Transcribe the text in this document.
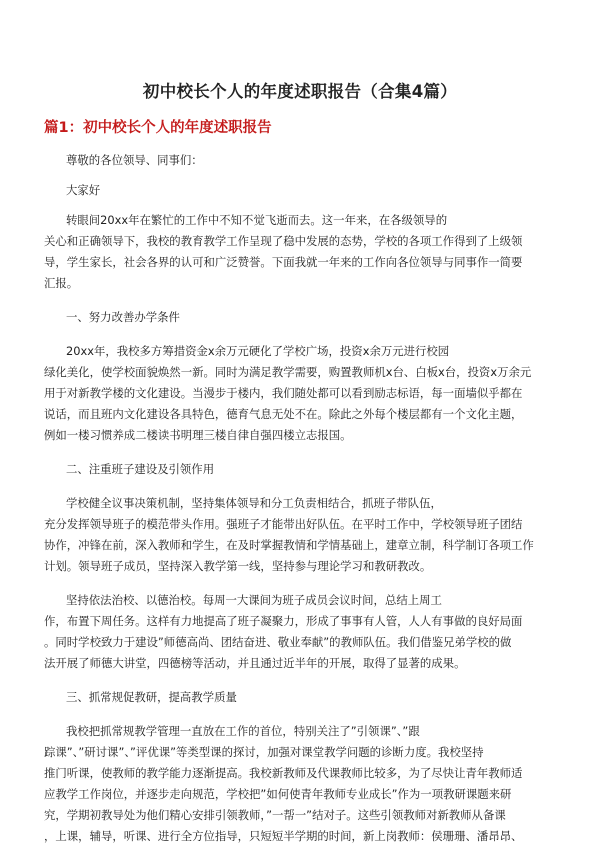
初中校长个人的年度述职报告（合集4篇）
篇1：初中校长个人的年度述职报告
尊敬的各位领导、同事们：
大家好
转眼间20xx年在繁忙的工作中不知不觉飞逝而去。这一年来，在各级领导的
关心和正确领导下，我校的教育教学工作呈现了稳中发展的态势，学校的各项工作得到了上级领
导，学生家长，社会各界的认可和广泛赞誉。下面我就一年来的工作向各位领导与同事作一简要
汇报。
一、努力改善办学条件
20xx年，我校多方筹措资金x余万元硬化了学校广场，投资x余万元进行校园
绿化美化，使学校面貌焕然一新。同时为满足教学需要，购置教师机x台、白板x台，投资x万余元
用于对新教学楼的文化建设。当漫步于楼内，我们随处都可以看到励志标语，每一面墙似乎都在
说话，而且班内文化建设各具特色，德育气息无处不在。除此之外每个楼层都有一个文化主题，
例如一楼习惯养成二楼读书明理三楼自律自强四楼立志报国。
二、注重班子建设及引领作用
学校健全议事决策机制，坚持集体领导和分工负责相结合，抓班子带队伍，
充分发挥领导班子的模范带头作用。强班子才能带出好队伍。在平时工作中，学校领导班子团结
协作，冲锋在前，深入教师和学生，在及时掌握教情和学情基础上，建章立制，科学制订各项工作
计划。领导班子成员，坚持深入教学第一线，坚持参与理论学习和教研教改。
坚持依法治校、以德治校。每周一大课间为班子成员会议时间，总结上周工
作，布置下周任务。这样有力地提高了班子凝聚力，形成了事事有人管，人人有事做的良好局面
。同时学校致力于建设”师德高尚、团结奋进、敬业奉献”的教师队伍。我们借鉴兄弟学校的做
法开展了师德大讲堂，四德榜等活动，并且通过近半年的开展，取得了显著的成果。
三、抓常规促教研，提高教学质量
我校把抓常规教学管理一直放在工作的首位，特别关注了”引领课”、”跟
踪课”、”研讨课”、”评优课”等类型课的探讨，加强对课堂教学问题的诊断力度。我校坚持
推门听课，使教师的教学能力逐渐提高。我校新教师及代课教师比较多，为了尽快让青年教师适
应教学工作岗位，并逐步走向规范，学校把”如何使青年教师专业成长”作为一项教研课题来研
究，学期初教导处为他们精心安排引领教师，”一帮一”结对子。这些引领教师对新教师从备课
，上课，辅导，听课、进行全方位指导，只短短半学期的时间，新上岗教师：侯珊珊、潘昂昂、
